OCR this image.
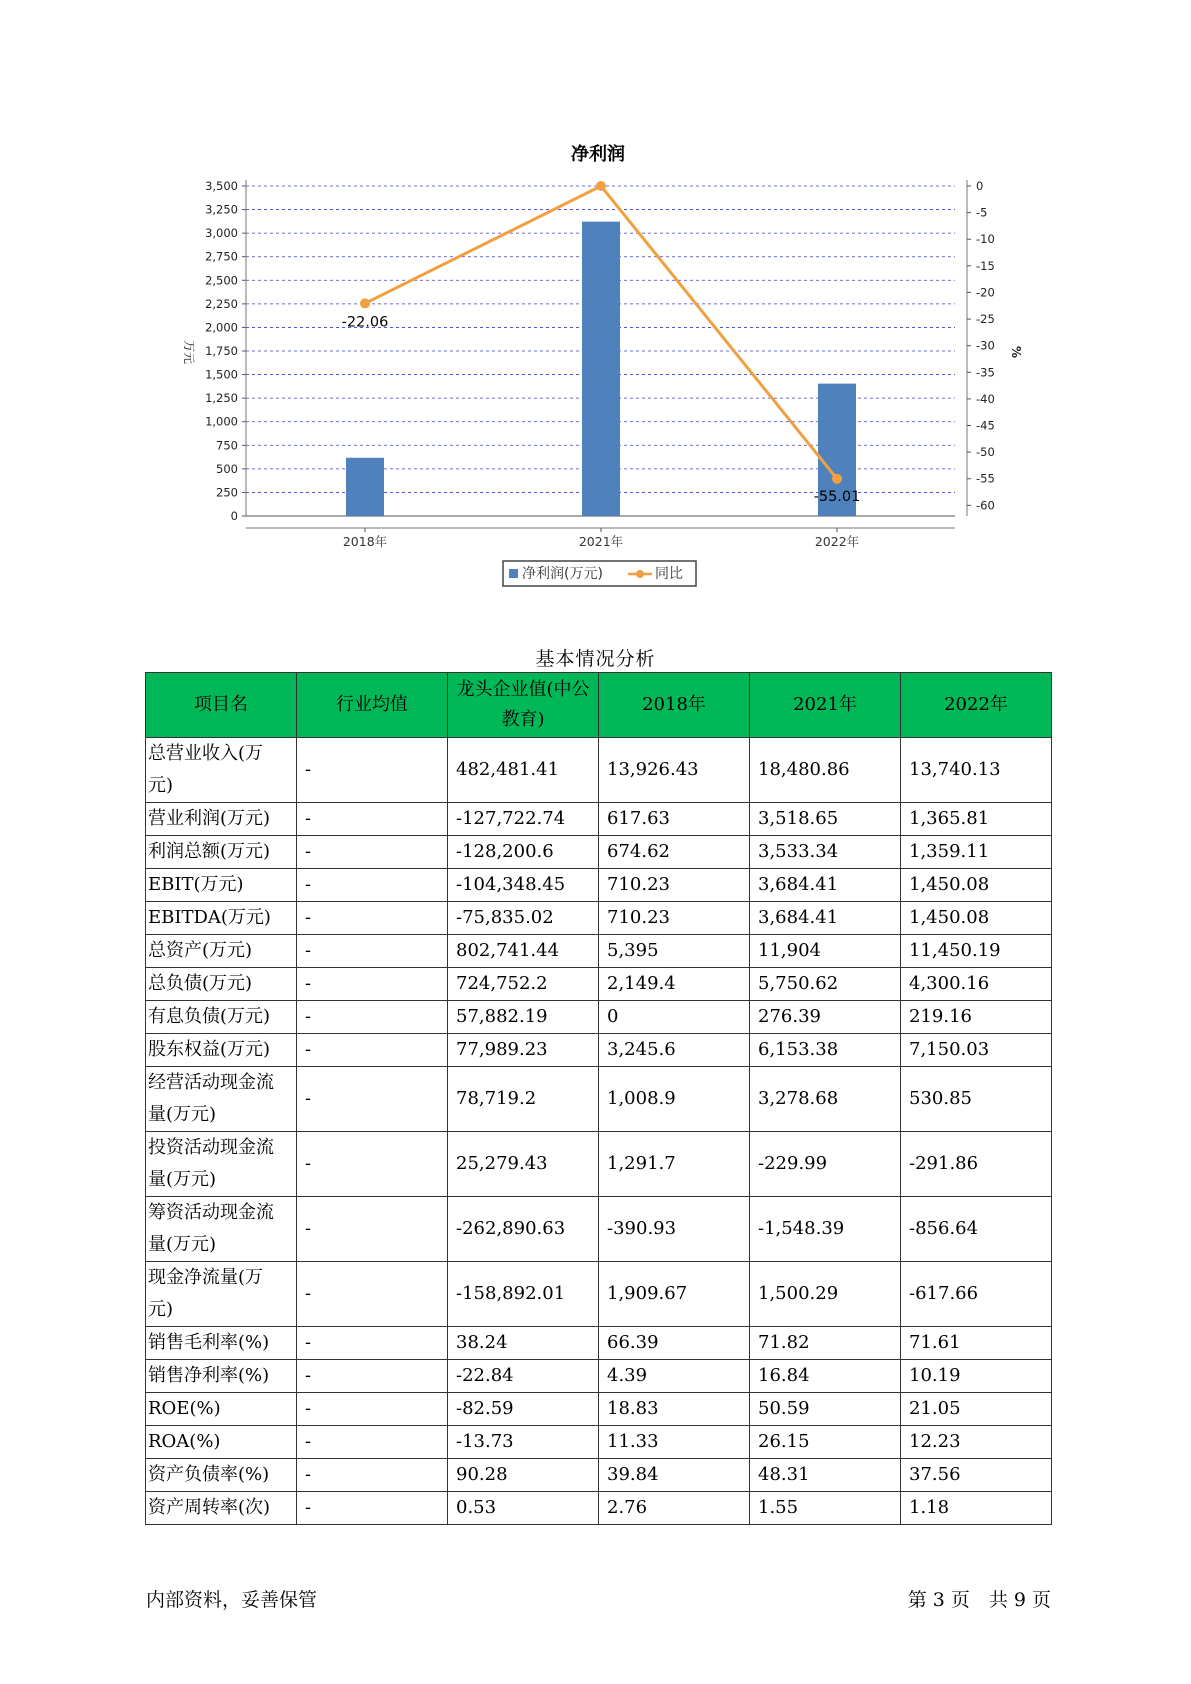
净利润
0
250
500
750
1,000
1,250
1,500
1,750
2,000
2,250
2,500
2,750
3,000
3,250
3,500	0
-5
-10
-15
-20
-25
-30
-35
-40
-45
-50
-55
-60
万元	%
2018年	2021年	2022年
-22.06
-55.01
净利润(万元)	同比
基本情况分析
项目名	行业均值	龙头企业值(中公教育)	2018年	2021年	2022年
总营业收入(万元)	-	482,481.41	13,926.43	18,480.86	13,740.13
营业利润(万元)	-	-127,722.74	617.63	3,518.65	1,365.81
利润总额(万元)	-	-128,200.6	674.62	3,533.34	1,359.11
EBIT(万元)	-	-104,348.45	710.23	3,684.41	1,450.08
EBITDA(万元)	-	-75,835.02	710.23	3,684.41	1,450.08
总资产(万元)	-	802,741.44	5,395	11,904	11,450.19
总负债(万元)	-	724,752.2	2,149.4	5,750.62	4,300.16
有息负债(万元)	-	57,882.19	0	276.39	219.16
股东权益(万元)	-	77,989.23	3,245.6	6,153.38	7,150.03
经营活动现金流量(万元)	-	78,719.2	1,008.9	3,278.68	530.85
投资活动现金流量(万元)	-	25,279.43	1,291.7	-229.99	-291.86
筹资活动现金流量(万元)	-	-262,890.63	-390.93	-1,548.39	-856.64
现金净流量(万元)	-	-158,892.01	1,909.67	1,500.29	-617.66
销售毛利率(%)	-	38.24	66.39	71.82	71.61
销售净利率(%)	-	-22.84	4.39	16.84	10.19
ROE(%)	-	-82.59	18.83	50.59	21.05
ROA(%)	-	-13.73	11.33	26.15	12.23
资产负债率(%)	-	90.28	39.84	48.31	37.56
资产周转率(次)	-	0.53	2.76	1.55	1.18
内部资料，妥善保管	第 3 页　共 9 页
